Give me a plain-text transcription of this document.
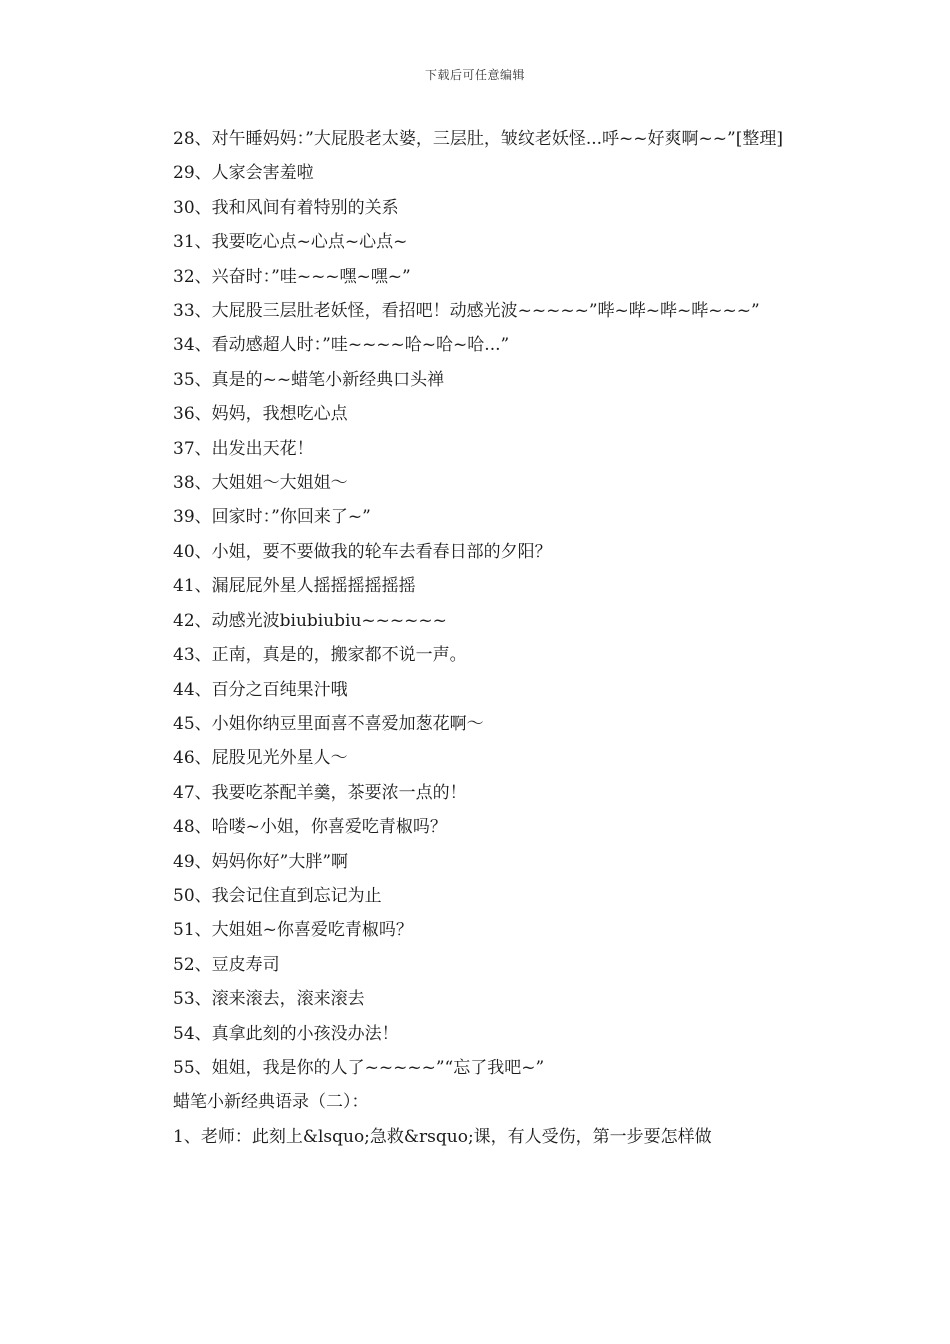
下载后可任意编辑

28、对午睡妈妈：”大屁股老太婆，三层肚，皱纹老妖怪...呼~~好爽啊~~”[整理]

29、人家会害羞啦

30、我和风间有着特别的关系

31、我要吃心点~心点~心点~

32、兴奋时：”哇~~~嘿~嘿~”

33、大屁股三层肚老妖怪，看招吧！动感光波~~~~~”哔~哔~哔~哔~~~”

34、看动感超人时：”哇~~~~哈~哈~哈...”

35、真是的~~蜡笔小新经典口头禅

36、妈妈，我想吃心点

37、出发出天花！

38、大姐姐～大姐姐～

39、回家时：”你回来了~”

40、小姐，要不要做我的轮车去看春日部的夕阳？

41、漏屁屁外星人摇摇摇摇摇摇

42、动感光波biubiubiu~~~~~~

43、正南，真是的，搬家都不说一声。

44、百分之百纯果汁哦

45、小姐你纳豆里面喜不喜爱加葱花啊～

46、屁股见光外星人～

47、我要吃茶配羊羹，茶要浓一点的！

48、哈喽~小姐，你喜爱吃青椒吗？

49、妈妈你好”大胖”啊

50、我会记住直到忘记为止

51、大姐姐~你喜爱吃青椒吗？

52、豆皮寿司

53、滚来滚去，滚来滚去

54、真拿此刻的小孩没办法！

55、姐姐，我是你的人了~~~~~”“忘了我吧~”

蜡笔小新经典语录（二）：

1、老师：此刻上&lsquo;急救&rsquo;课，有人受伤，第一步要怎样做
